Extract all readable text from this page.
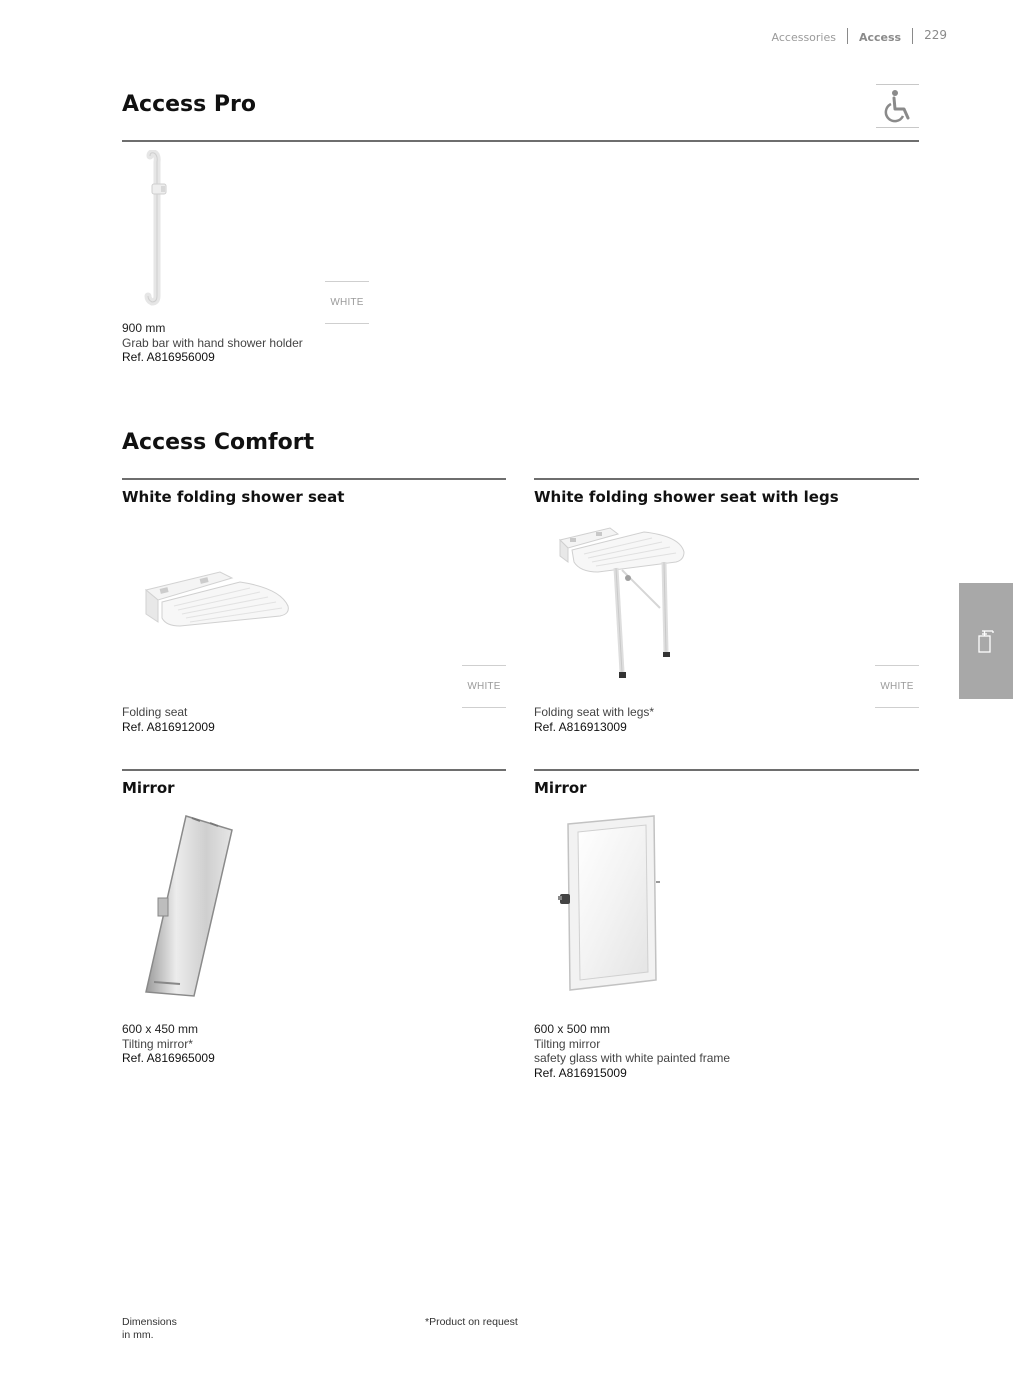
Accessories Access 229
Access Pro
WHITE
900 mm
Grab bar with hand shower holder
Ref. A816956009
Access Comfort
White folding shower seat
WHITE
Folding seat
Ref. A816912009
White folding shower seat with legs
WHITE
Folding seat with legs*
Ref. A816913009
Mirror
600 x 450 mm
Tilting mirror*
Ref. A816965009
Mirror
600 x 500 mm
Tilting mirror
safety glass with white painted frame
Ref. A816915009
Dimensions
in mm.
*Product on request
